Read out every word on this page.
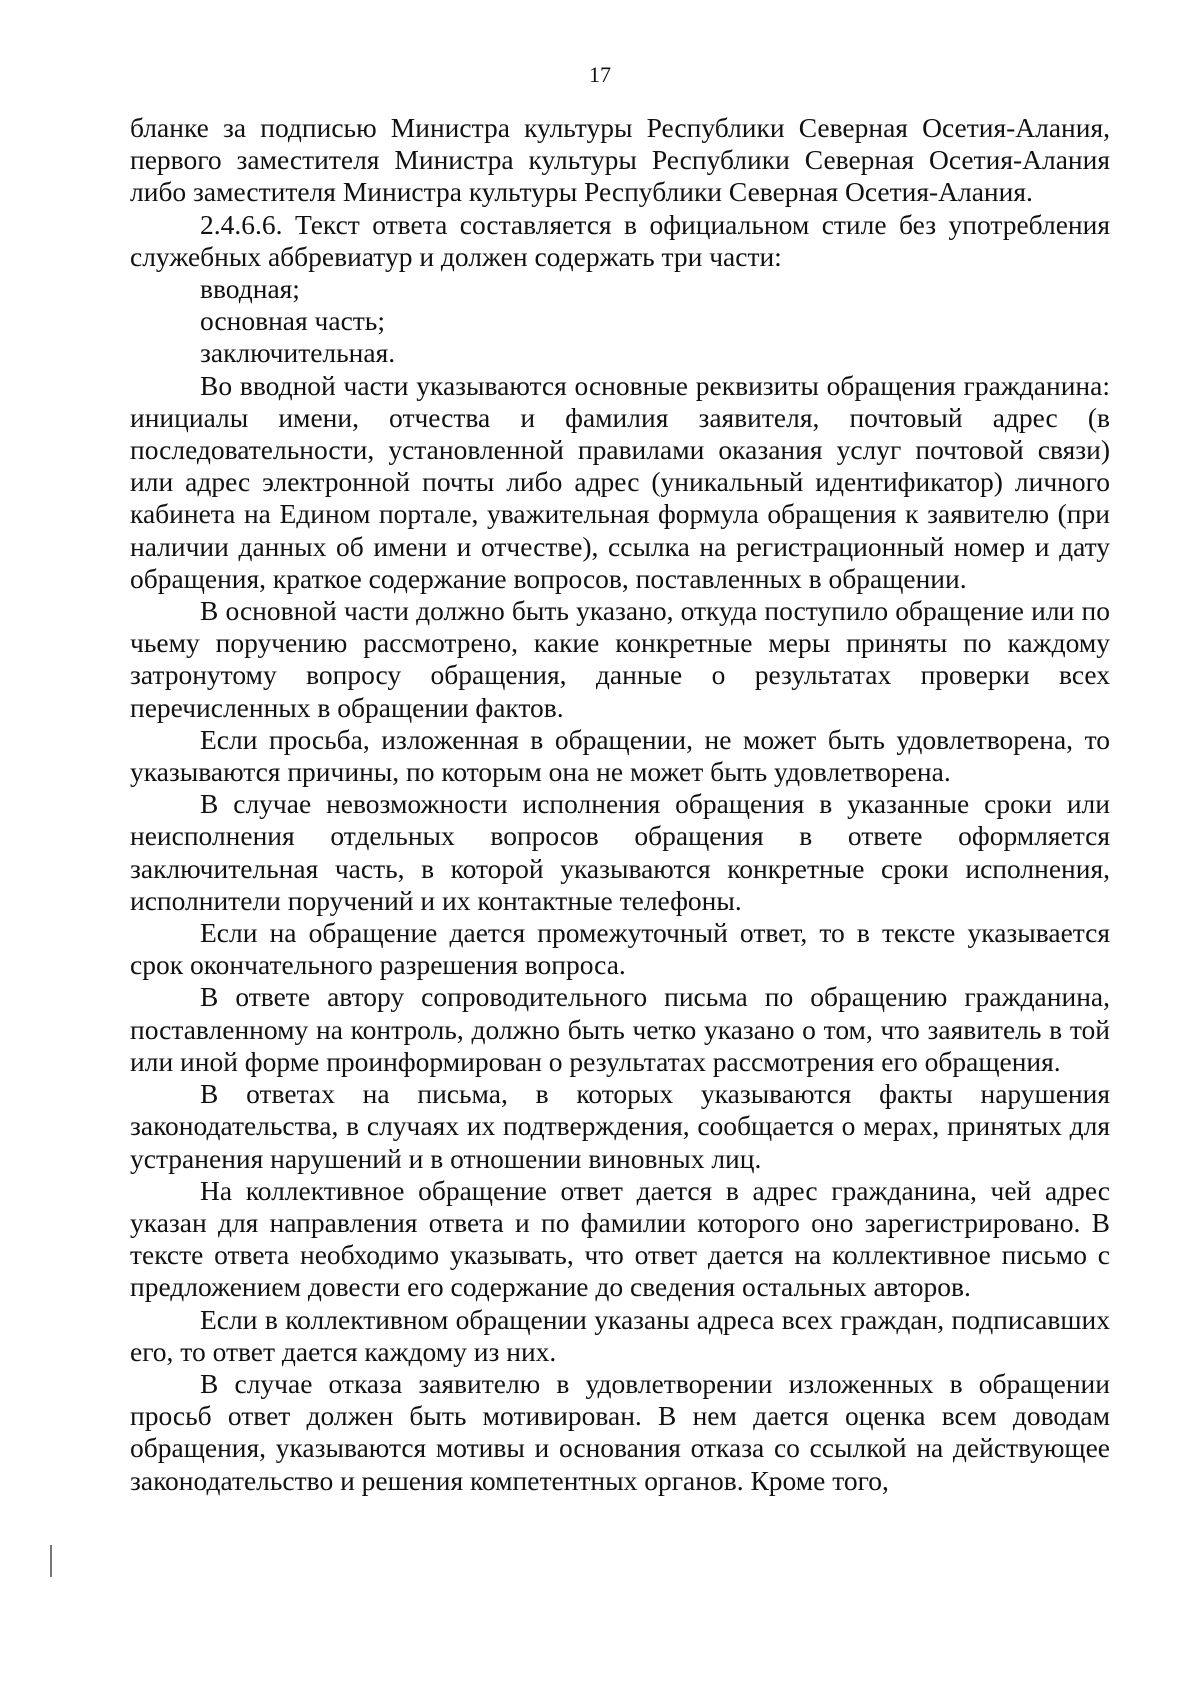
17

бланке за подписью Министра культуры Республики Северная Осетия-Алания, первого заместителя Министра культуры Республики Северная Осетия-Алания либо заместителя Министра культуры Республики Северная Осетия-Алания.

2.4.6.6. Текст ответа составляется в официальном стиле без употребления служебных аббревиатур и должен содержать три части:

вводная;

основная часть;

заключительная.

Во вводной части указываются основные реквизиты обращения гражданина: инициалы имени, отчества и фамилия заявителя, почтовый адрес (в последовательности, установленной правилами оказания услуг почтовой связи) или адрес электронной почты либо адрес (уникальный идентификатор) личного кабинета на Едином портале, уважительная формула обращения к заявителю (при наличии данных об имени и отчестве), ссылка на регистрационный номер и дату обращения, краткое содержание вопросов, поставленных в обращении.

В основной части должно быть указано, откуда поступило обращение или по чьему поручению рассмотрено, какие конкретные меры приняты по каждому затронутому вопросу обращения, данные о результатах проверки всех перечисленных в обращении фактов.

Если просьба, изложенная в обращении, не может быть удовлетворена, то указываются причины, по которым она не может быть удовлетворена.

В случае невозможности исполнения обращения в указанные сроки или неисполнения отдельных вопросов обращения в ответе оформляется заключительная часть, в которой указываются конкретные сроки исполнения, исполнители поручений и их контактные телефоны.

Если на обращение дается промежуточный ответ, то в тексте указывается срок окончательного разрешения вопроса.

В ответе автору сопроводительного письма по обращению гражданина, поставленному на контроль, должно быть четко указано о том, что заявитель в той или иной форме проинформирован о результатах рассмотрения его обращения.

В ответах на письма, в которых указываются факты нарушения законодательства, в случаях их подтверждения, сообщается о мерах, принятых для устранения нарушений и в отношении виновных лиц.

На коллективное обращение ответ дается в адрес гражданина, чей адрес указан для направления ответа и по фамилии которого оно зарегистрировано. В тексте ответа необходимо указывать, что ответ дается на коллективное письмо с предложением довести его содержание до сведения остальных авторов.

Если в коллективном обращении указаны адреса всех граждан, подписавших его, то ответ дается каждому из них.

В случае отказа заявителю в удовлетворении изложенных в обращении просьб ответ должен быть мотивирован. В нем дается оценка всем доводам обращения, указываются мотивы и основания отказа со ссылкой на действующее законодательство и решения компетентных органов. Кроме того,
